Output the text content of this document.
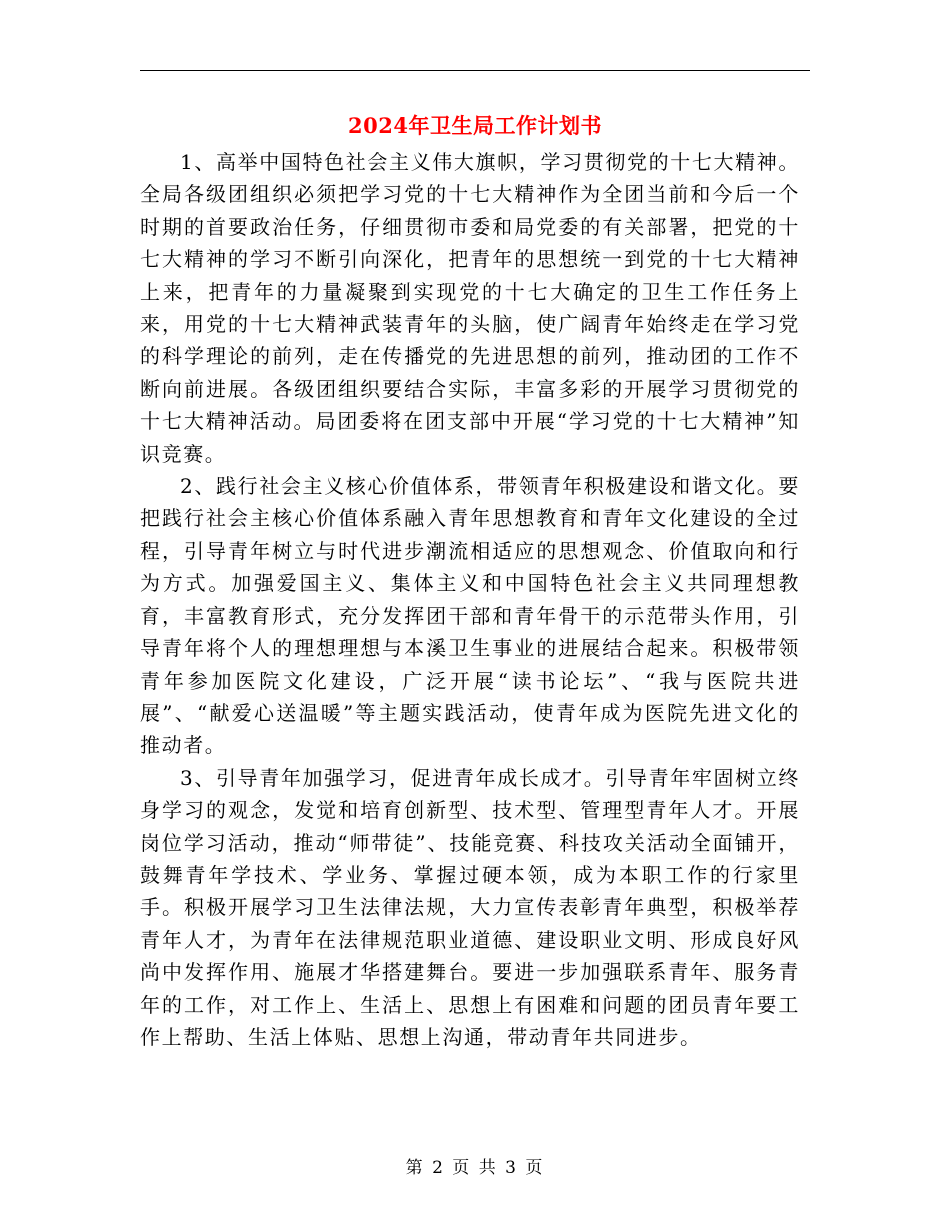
2024年卫生局工作计划书

1、高举中国特色社会主义伟大旗帜，学习贯彻党的十七大精神。全局各级团组织必须把学习党的十七大精神作为全团当前和今后一个时期的首要政治任务，仔细贯彻市委和局党委的有关部署，把党的十七大精神的学习不断引向深化，把青年的思想统一到党的十七大精神上来，把青年的力量凝聚到实现党的十七大确定的卫生工作任务上来，用党的十七大精神武装青年的头脑，使广阔青年始终走在学习党的科学理论的前列，走在传播党的先进思想的前列，推动团的工作不断向前进展。各级团组织要结合实际，丰富多彩的开展学习贯彻党的十七大精神活动。局团委将在团支部中开展“学习党的十七大精神”知识竞赛。

2、践行社会主义核心价值体系，带领青年积极建设和谐文化。要把践行社会主核心价值体系融入青年思想教育和青年文化建设的全过程，引导青年树立与时代进步潮流相适应的思想观念、价值取向和行为方式。加强爱国主义、集体主义和中国特色社会主义共同理想教育，丰富教育形式，充分发挥团干部和青年骨干的示范带头作用，引导青年将个人的理想理想与本溪卫生事业的进展结合起来。积极带领青年参加医院文化建设，广泛开展“读书论坛”、“我与医院共进展”、“献爱心送温暖”等主题实践活动，使青年成为医院先进文化的推动者。

3、引导青年加强学习，促进青年成长成才。引导青年牢固树立终身学习的观念，发觉和培育创新型、技术型、管理型青年人才。开展岗位学习活动，推动“师带徒”、技能竞赛、科技攻关活动全面铺开，鼓舞青年学技术、学业务、掌握过硬本领，成为本职工作的行家里手。积极开展学习卫生法律法规，大力宣传表彰青年典型，积极举荐青年人才，为青年在法律规范职业道德、建设职业文明、形成良好风尚中发挥作用、施展才华搭建舞台。要进一步加强联系青年、服务青年的工作，对工作上、生活上、思想上有困难和问题的团员青年要工作上帮助、生活上体贴、思想上沟通，带动青年共同进步。

第 2 页 共 3 页
